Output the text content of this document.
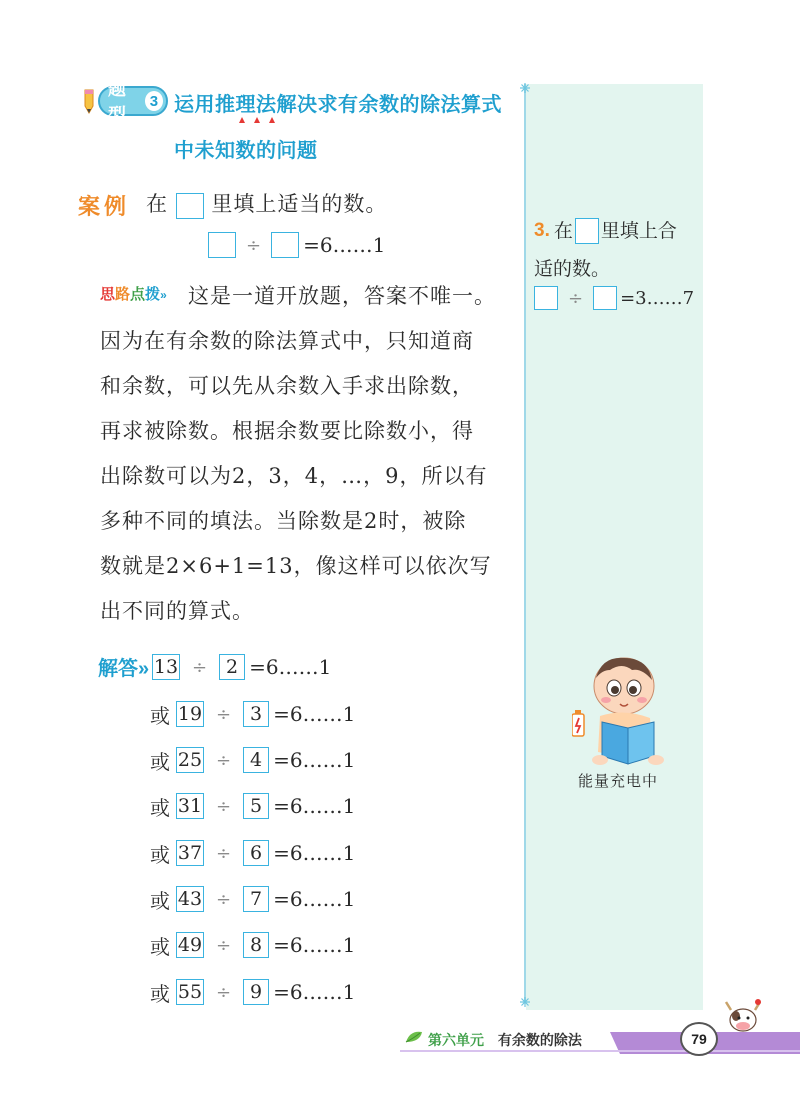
题型
3 运用推理法解决求有余数的除法算式
中未知数的问题
案例 在 里填上适当的数。
÷ =6……1
思路点拨» 这是一道开放题，答案不唯一。
因为在有余数的除法算式中，只知道商
和余数，可以先从余数入手求出除数，
再求被除数。根据余数要比除数小，得
出除数可以为2，3，4，…，9，所以有
多种不同的填法。当除数是2时，被除
数就是2×6+1=13，像这样可以依次写
出不同的算式。
解答» 13 ÷ 2 =6……1
或 19 ÷ 3 =6……1
或 25 ÷ 4 =6……1
或 31 ÷ 5 =6……1
或 37 ÷ 6 =6……1
或 43 ÷ 7 =6……1
或 49 ÷ 8 =6……1
或 55 ÷ 9 =6……1
3. 在 里填上合
适的数。
÷ =3……7
能量充电中
第六单元 有余数的除法	79
